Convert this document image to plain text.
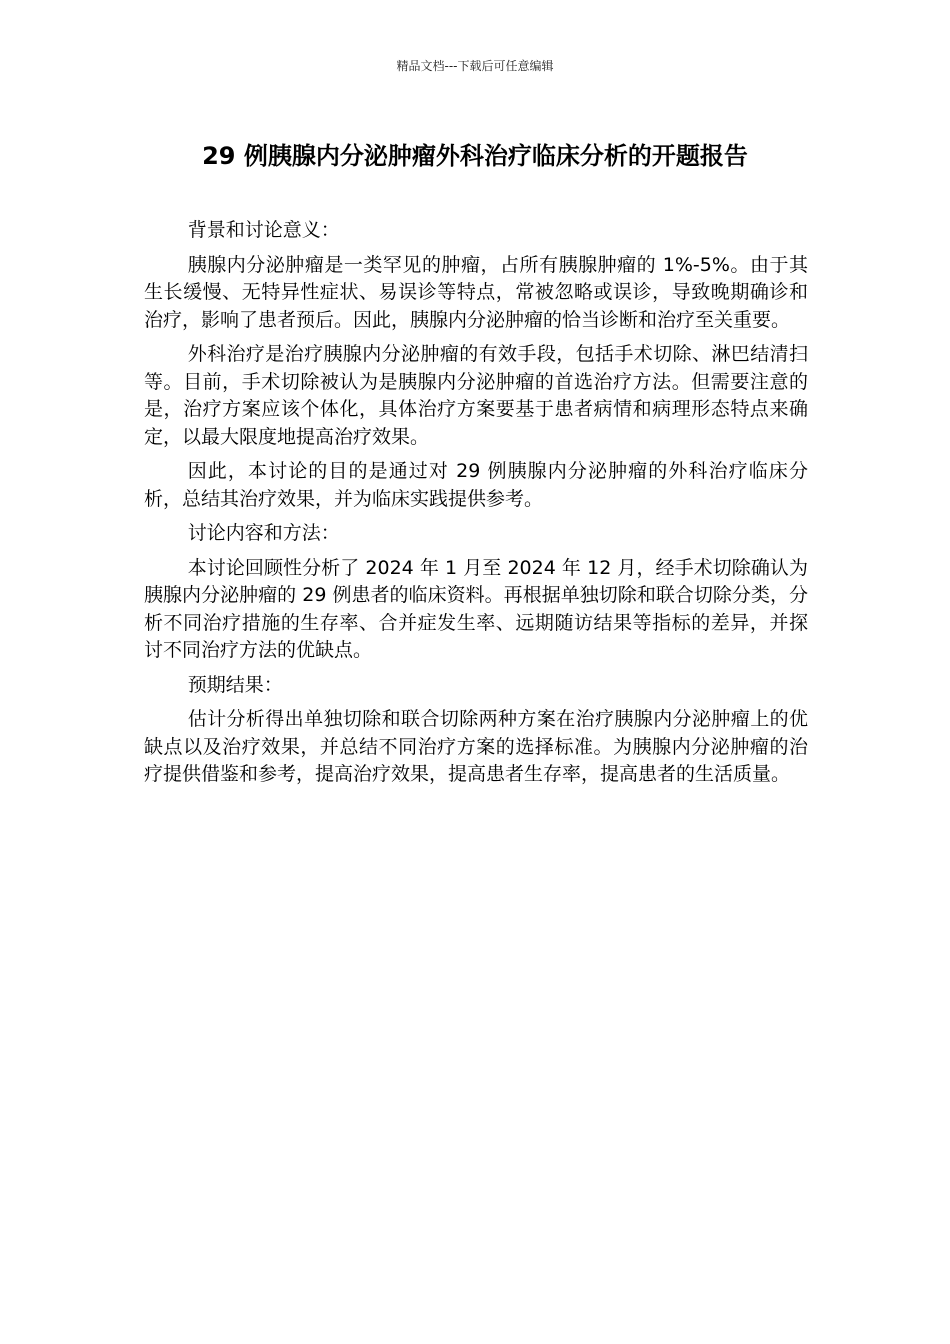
精品文档---下载后可任意编辑
29 例胰腺内分泌肿瘤外科治疗临床分析的开题报告

背景和讨论意义：

胰腺内分泌肿瘤是一类罕见的肿瘤，占所有胰腺肿瘤的 1%-5%。由于其生长缓慢、无特异性症状、易误诊等特点，常被忽略或误诊，导致晚期确诊和治疗，影响了患者预后。因此，胰腺内分泌肿瘤的恰当诊断和治疗至关重要。

外科治疗是治疗胰腺内分泌肿瘤的有效手段，包括手术切除、淋巴结清扫等。目前，手术切除被认为是胰腺内分泌肿瘤的首选治疗方法。但需要注意的是，治疗方案应该个体化，具体治疗方案要基于患者病情和病理形态特点来确定，以最大限度地提高治疗效果。

因此，本讨论的目的是通过对 29 例胰腺内分泌肿瘤的外科治疗临床分析，总结其治疗效果，并为临床实践提供参考。

讨论内容和方法：

本讨论回顾性分析了 2024 年 1 月至 2024 年 12 月，经手术切除确认为胰腺内分泌肿瘤的 29 例患者的临床资料。再根据单独切除和联合切除分类，分析不同治疗措施的生存率、合并症发生率、远期随访结果等指标的差异，并探讨不同治疗方法的优缺点。

预期结果：

估计分析得出单独切除和联合切除两种方案在治疗胰腺内分泌肿瘤上的优缺点以及治疗效果，并总结不同治疗方案的选择标准。为胰腺内分泌肿瘤的治疗提供借鉴和参考，提高治疗效果，提高患者生存率，提高患者的生活质量。
